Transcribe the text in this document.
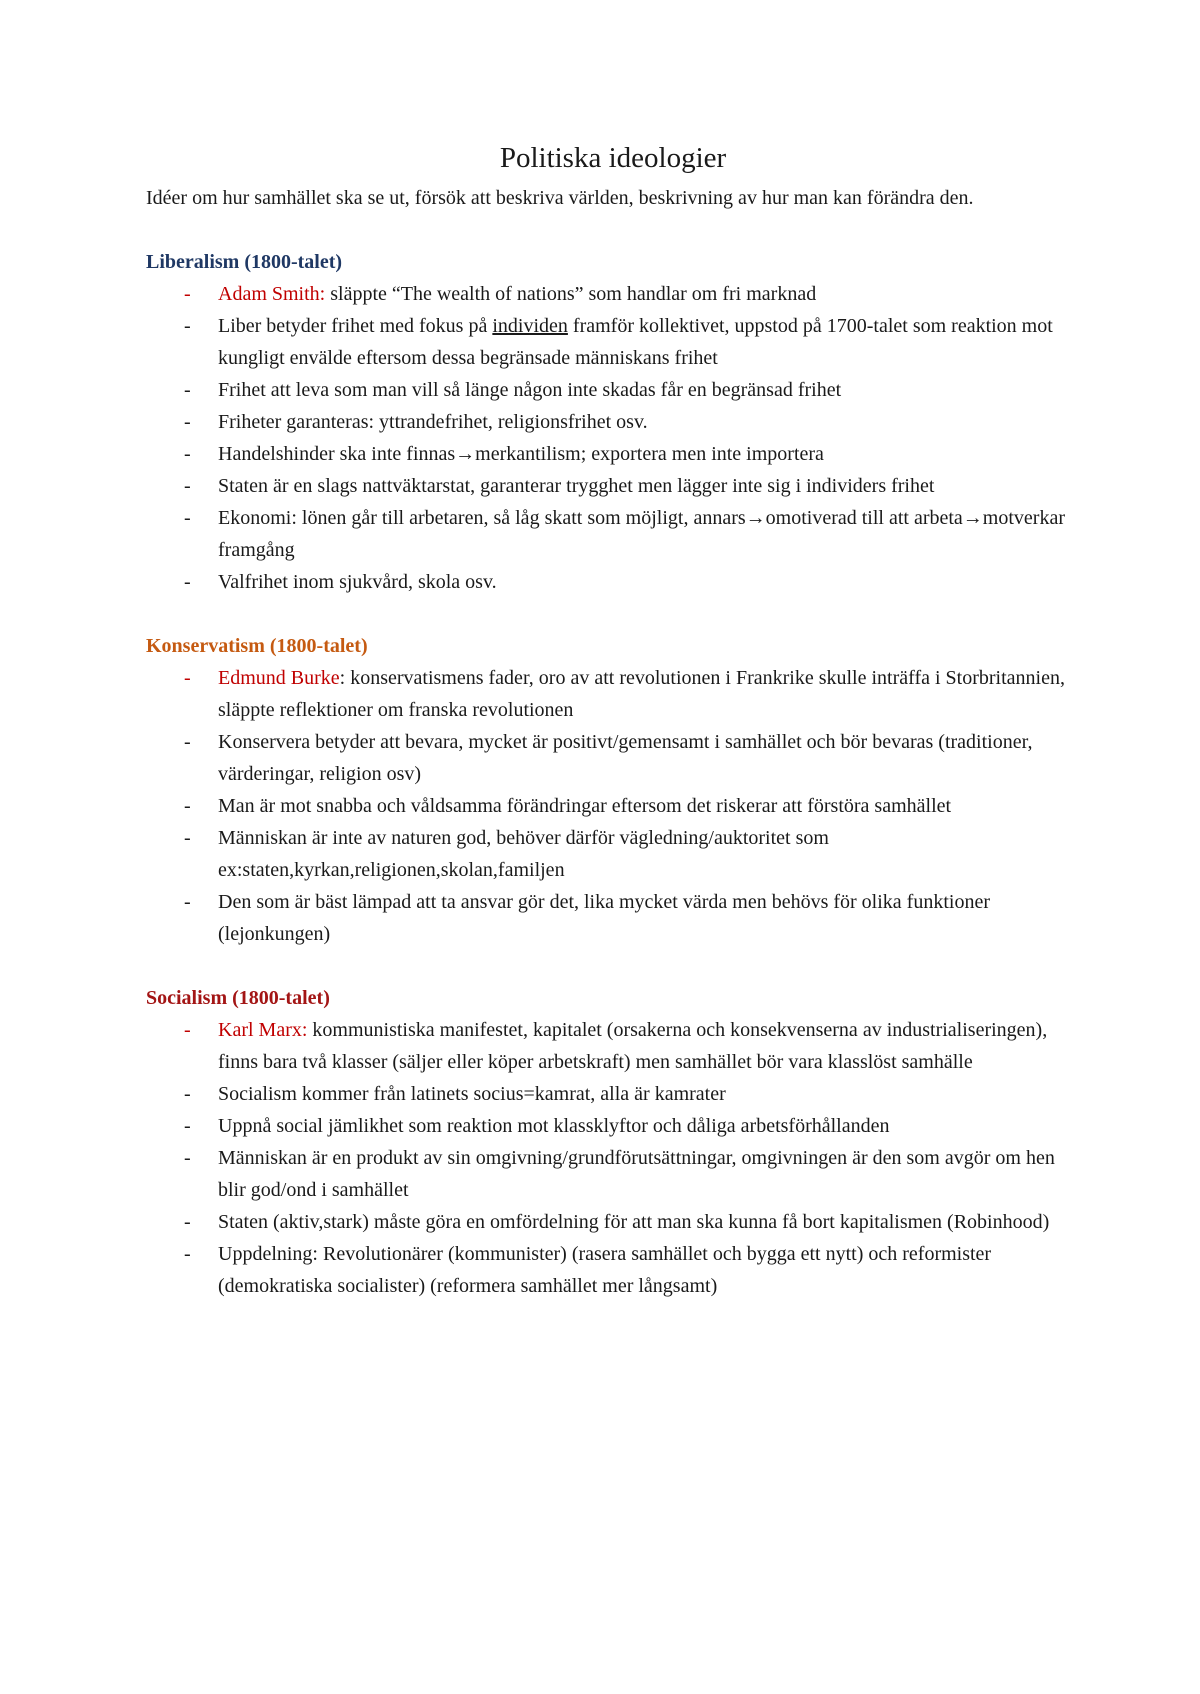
Politiska ideologier

Idéer om hur samhället ska se ut, försök att beskriva världen, beskrivning av hur man kan förändra den.

Liberalism (1800-talet)
- Adam Smith: släppte “The wealth of nations” som handlar om fri marknad
- Liber betyder frihet med fokus på individen framför kollektivet, uppstod på 1700-talet som reaktion mot kungligt envälde eftersom dessa begränsade människans frihet
- Frihet att leva som man vill så länge någon inte skadas får en begränsad frihet
- Friheter garanteras: yttrandefrihet, religionsfrihet osv.
- Handelshinder ska inte finnas→merkantilism; exportera men inte importera
- Staten är en slags nattväktarstat, garanterar trygghet men lägger inte sig i individers frihet
- Ekonomi: lönen går till arbetaren, så låg skatt som möjligt, annars→omotiverad till att arbeta→motverkar framgång
- Valfrihet inom sjukvård, skola osv.
Konservatism (1800-talet)
- Edmund Burke: konservatismens fader, oro av att revolutionen i Frankrike skulle inträffa i Storbritannien, släppte reflektioner om franska revolutionen
- Konservera betyder att bevara, mycket är positivt/gemensamt i samhället och bör bevaras (traditioner, värderingar, religion osv)
- Man är mot snabba och våldsamma förändringar eftersom det riskerar att förstöra samhället
- Människan är inte av naturen god, behöver därför vägledning/auktoritet som ex:staten,kyrkan,religionen,skolan,familjen
- Den som är bäst lämpad att ta ansvar gör det, lika mycket värda men behövs för olika funktioner (lejonkungen)
Socialism (1800-talet)
- Karl Marx: kommunistiska manifestet, kapitalet (orsakerna och konsekvenserna av industrialiseringen), finns bara två klasser (säljer eller köper arbetskraft) men samhället bör vara klasslöst samhälle
- Socialism kommer från latinets socius=kamrat, alla är kamrater
- Uppnå social jämlikhet som reaktion mot klassklyftor och dåliga arbetsförhållanden
- Människan är en produkt av sin omgivning/grundförutsättningar, omgivningen är den som avgör om hen blir god/ond i samhället
- Staten (aktiv,stark) måste göra en omfördelning för att man ska kunna få bort kapitalismen (Robinhood)
- Uppdelning: Revolutionärer (kommunister) (rasera samhället och bygga ett nytt) och reformister (demokratiska socialister) (reformera samhället mer långsamt)
